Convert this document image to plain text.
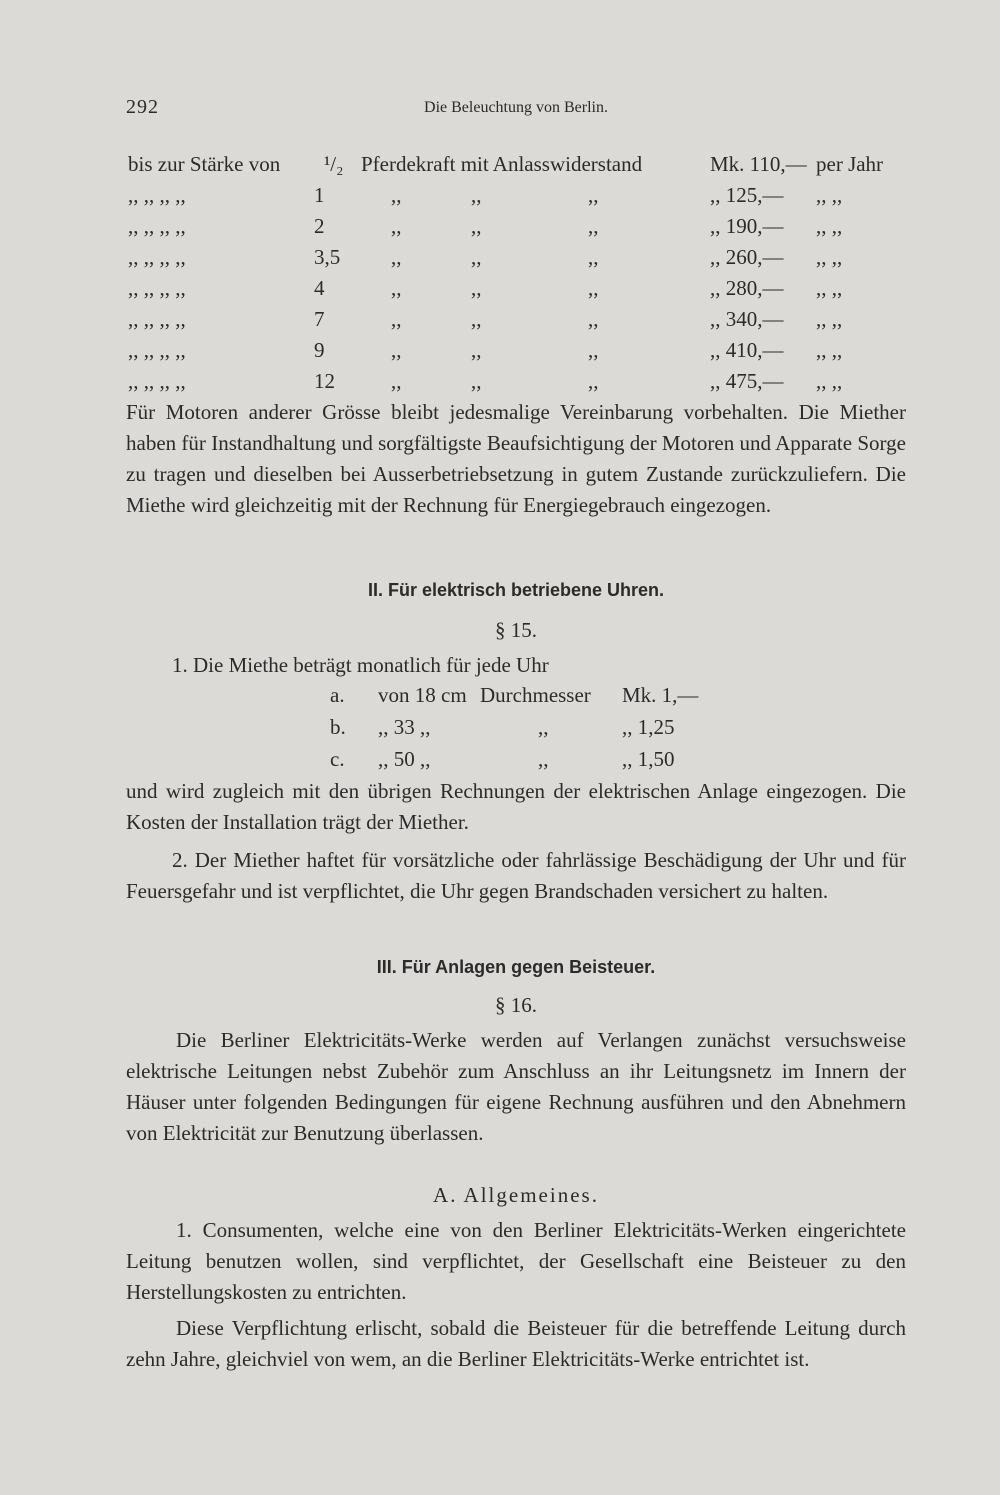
292	Die Beleuchtung von Berlin.
bis zur Stärke von ¹/₂ Pferdekraft mit Anlasswiderstand	Mk. 110,— per Jahr
,, ,, ,, ,,	1	,,	,,	,,	,, 125,— ,, ,,
,, ,, ,, ,,	2	,,	,,	,,	,, 190,— ,, ,,
,, ,, ,, ,,	3,5 ,,	,,	,,	,, 260,— ,, ,,
,, ,, ,, ,,	4	,,	,,	,,	,, 280,— ,, ,,
,, ,, ,, ,,	7	,,	,,	,,	,, 340,— ,, ,,
,, ,, ,, ,,	9	,,	,,	,,	,, 410,— ,, ,,
,, ,, ,, ,,	12	,,	,,	,,	,, 475,— ,, ,,

Für Motoren anderer Grösse bleibt jedesmalige Vereinbarung vorbehalten. Die Miether haben für Instandhaltung und sorgfältigste Beaufsichtigung der Motoren und Apparate Sorge zu tragen und dieselben bei Ausserbetriebsetzung in gutem Zustande zurückzuliefern. Die Miethe wird gleichzeitig mit der Rechnung für Energiegebrauch eingezogen.

II. Für elektrisch betriebene Uhren.

§ 15.

1. Die Miethe beträgt monatlich für jede Uhr

a. von 18 cm Durchmesser Mk. 1,—
b. ,, 33 ,,	,,	,, 1,25
c. ,, 50 ,,	,,	,, 1,50

und wird zugleich mit den übrigen Rechnungen der elektrischen Anlage eingezogen. Die Kosten der Installation trägt der Miether.

2. Der Miether haftet für vorsätzliche oder fahrlässige Beschädigung der Uhr und für Feuersgefahr und ist verpflichtet, die Uhr gegen Brandschaden versichert zu halten.

III. Für Anlagen gegen Beisteuer.

§ 16.

Die Berliner Elektricitäts-Werke werden auf Verlangen zunächst versuchsweise elektrische Leitungen nebst Zubehör zum Anschluss an ihr Leitungsnetz im Innern der Häuser unter folgenden Bedingungen für eigene Rechnung ausführen und den Abnehmern von Elektricität zur Benutzung überlassen.

A. Allgemeines.

1. Consumenten, welche eine von den Berliner Elektricitäts-Werken eingerichtete Leitung benutzen wollen, sind verpflichtet, der Gesellschaft eine Beisteuer zu den Herstellungskosten zu entrichten.

Diese Verpflichtung erlischt, sobald die Beisteuer für die betreffende Leitung durch zehn Jahre, gleichviel von wem, an die Berliner Elektricitäts-Werke entrichtet ist.
